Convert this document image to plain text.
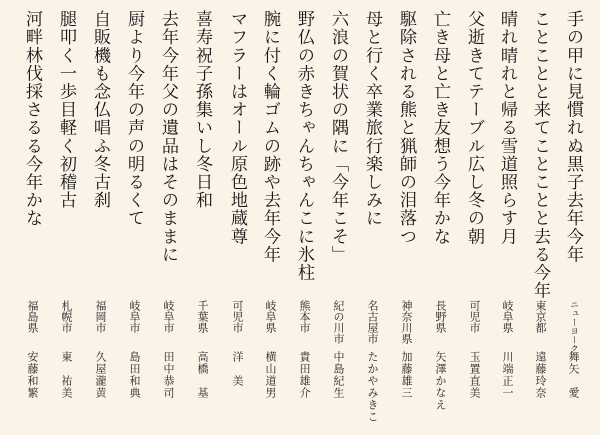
手の甲に見慣れぬ黒子去年今年
ニューヨーク
舞矢　愛
ことことと来てことことと去る今年
東京都
遠藤玲奈
晴れ晴れと帰る雪道照らす月
岐阜県
川端正一
父逝きてテーブル広し冬の朝
可児市
玉置直美
亡き母と亡き友想う今年かな
長野県
矢澤かなえ
駆除される熊と猟師の泪落つ
神奈川県
加藤雄三
母と行く卒業旅行楽しみに
名古屋市
たかやみきこ
六浪の賀状の隅に「今年こそ」
紀の川市
中島紀生
野仏の赤きちゃんちゃんこに氷柱
熊本市
貴田雄介
腕に付く輪ゴムの跡や去年今年
岐阜県
横山道男
マフラーはオール原色地蔵尊
可児市
洋　美
喜寿祝子孫集いし冬日和
千葉県
高橋　基
去年今年父の遺品はそのままに
岐阜市
田中恭司
厨より今年の声の明るくて
岐阜市
島田和典
自販機も念仏唱ふ冬古刹
福岡市
久屋瀧黄
腿叩く一歩目軽く初稽古
札幌市
東　祐美
河畔林伐採さるる今年かな
福島県
安藤和繁
